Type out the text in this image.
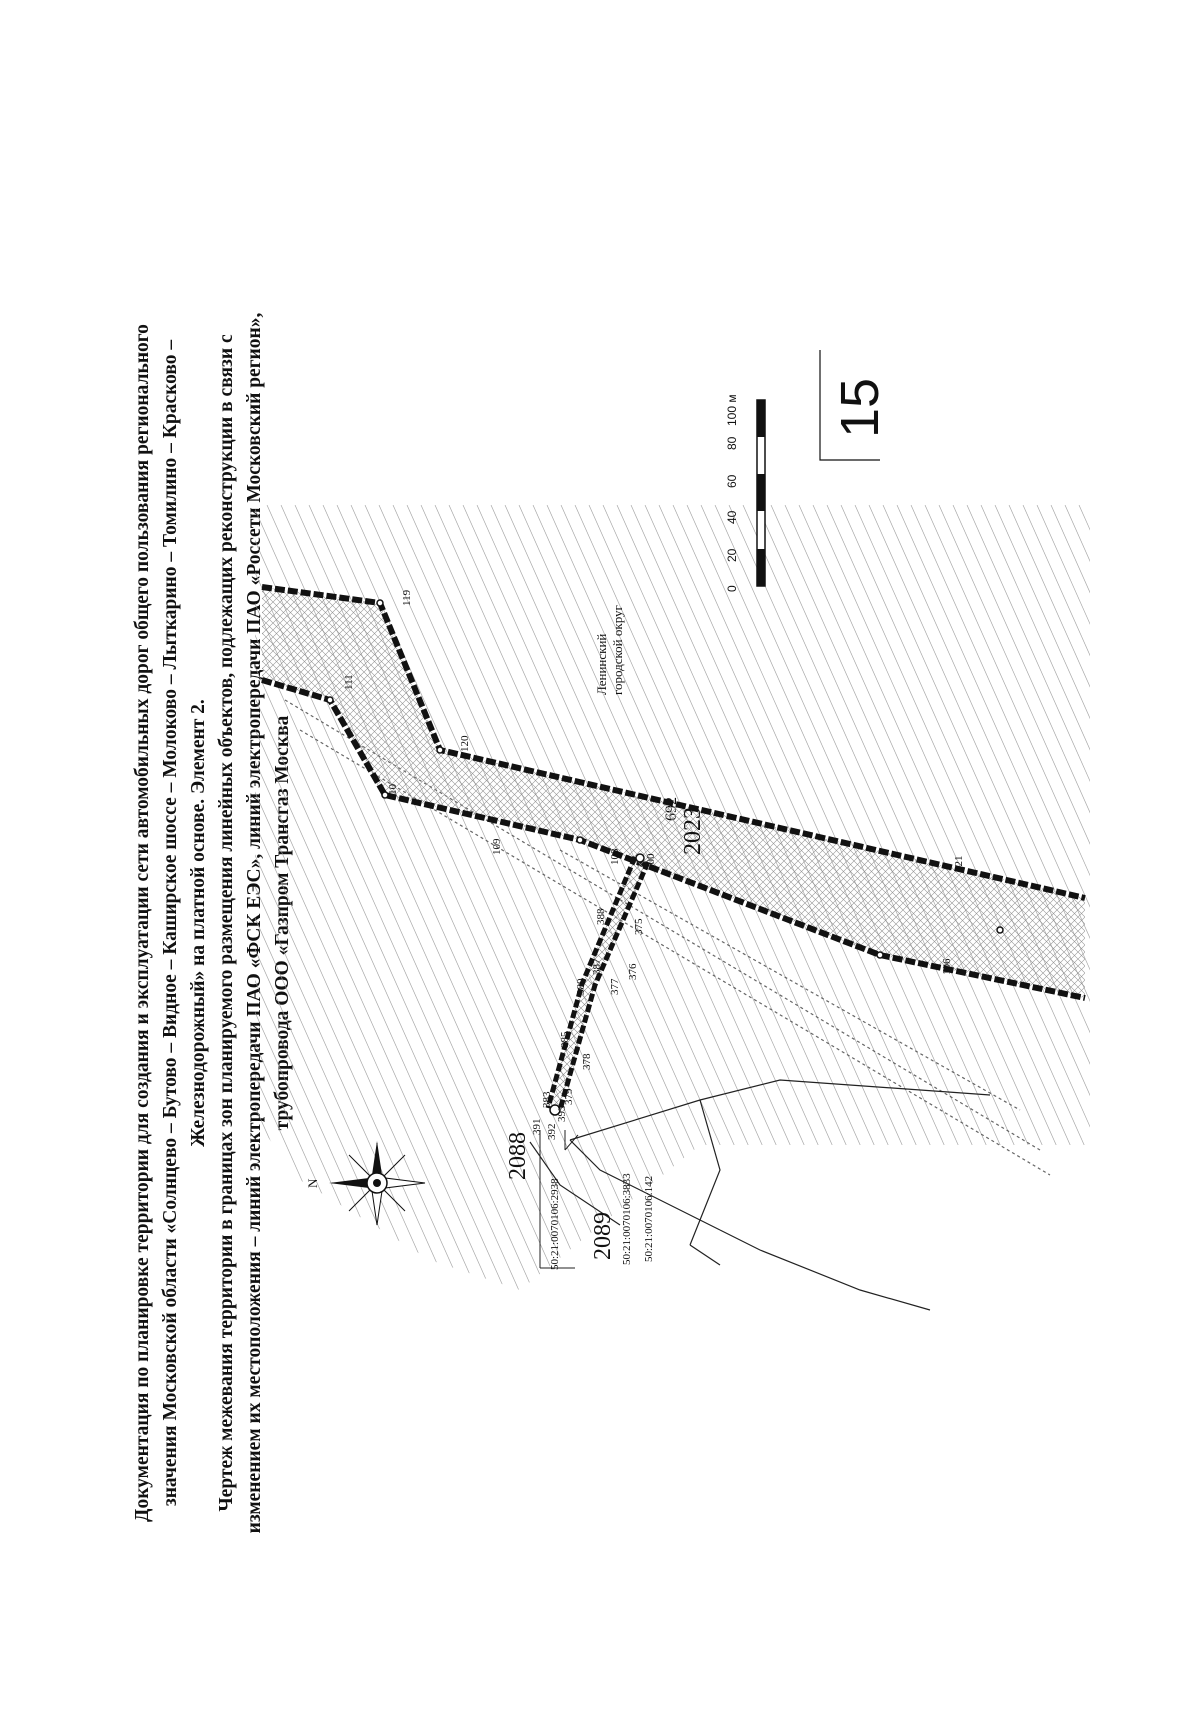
Документация по планировке территории для создания и эксплуатации сети автомобильных дорог общего пользования регионального значения Московской области «Солнцево – Бутово – Видное – Каширское шоссе – Молоково – Лыткарино – Томилино – Красково – Железнодорожный» на платной основе. Элемент 2. Чертеж межевания территории в границах зон планируемого размещения линейных объектов, подлежащих реконструкции в связи с изменением их местоположения – линий электропередачи ПАО «ФСК ЕЭС», линий электропередачи ПАО «Россети Московский регион», трубопровода ООО «Газпром Трансгаз Москва

119
120
111
110
109
108 300
388
375
376
377
380
387
385
378
379
383
391 392
393
121
106
2023
2088
2089
50:21:0070106:2938	50:21:0070106:3833 50:21:0070106:142
Ленинский городской округ
N
0
20
40
60
80
100 м 15
